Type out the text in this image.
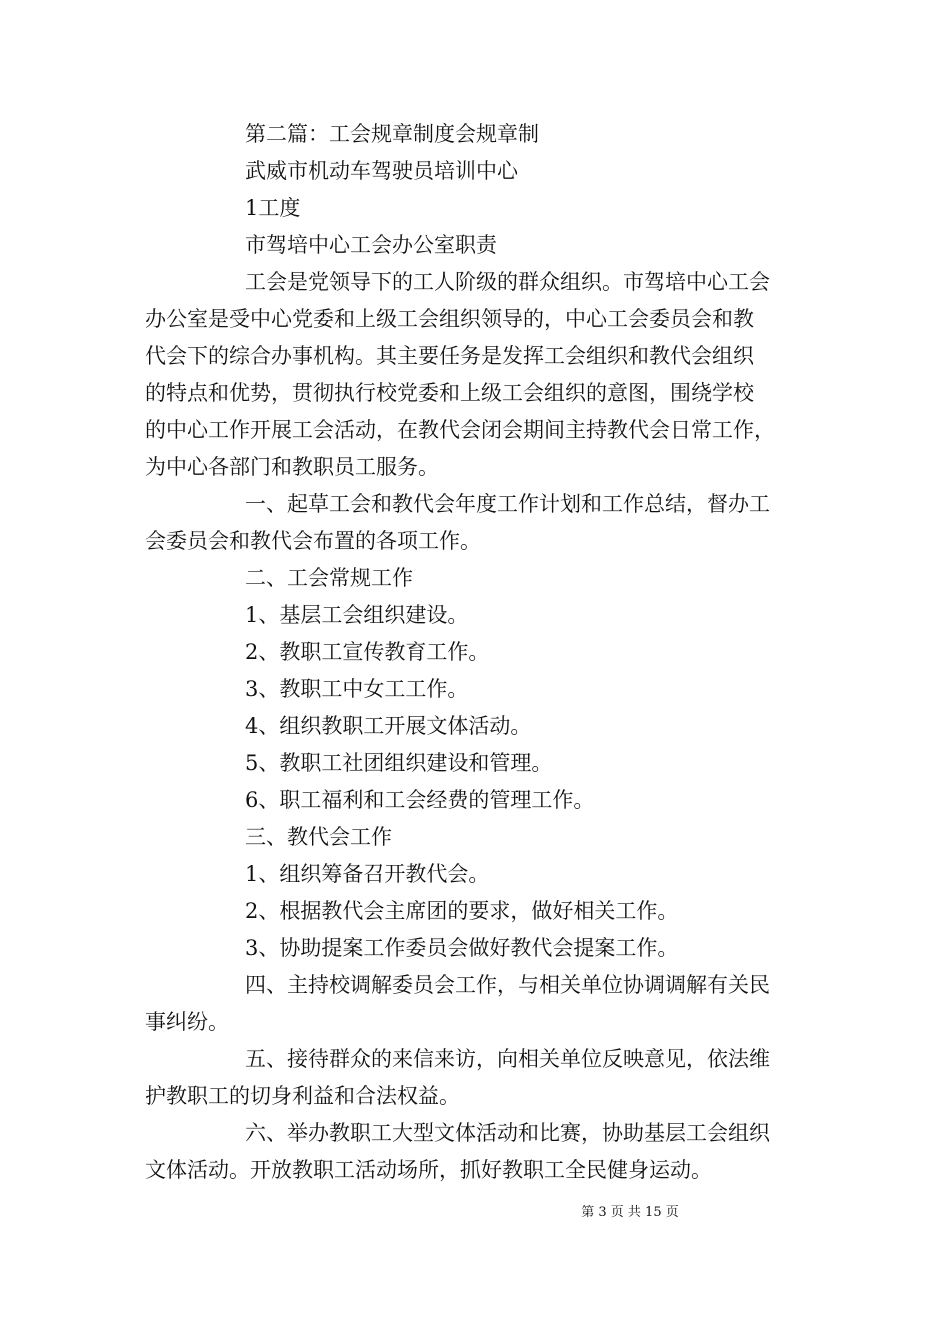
第二篇：工会规章制度会规章制

武威市机动车驾驶员培训中心

1工度

市驾培中心工会办公室职责

工会是党领导下的工人阶级的群众组织。市驾培中心工会
办公室是受中心党委和上级工会组织领导的，中心工会委员会和教
代会下的综合办事机构。其主要任务是发挥工会组织和教代会组织
的特点和优势，贯彻执行校党委和上级工会组织的意图，围绕学校
的中心工作开展工会活动，在教代会闭会期间主持教代会日常工作，
为中心各部门和教职员工服务。
一、起草工会和教代会年度工作计划和工作总结，督办工
会委员会和教代会布置的各项工作。

二、工会常规工作

1、基层工会组织建设。

2、教职工宣传教育工作。

3、教职工中女工工作。

4、组织教职工开展文体活动。

5、教职工社团组织建设和管理。

6、职工福利和工会经费的管理工作。

三、教代会工作

1、组织筹备召开教代会。

2、根据教代会主席团的要求，做好相关工作。

3、协助提案工作委员会做好教代会提案工作。

四、主持校调解委员会工作，与相关单位协调调解有关民
事纠纷。
五、接待群众的来信来访，向相关单位反映意见，依法维
护教职工的切身利益和合法权益。
六、举办教职工大型文体活动和比赛，协助基层工会组织
文体活动。开放教职工活动场所，抓好教职工全民健身运动。
第 3 页 共 15 页
